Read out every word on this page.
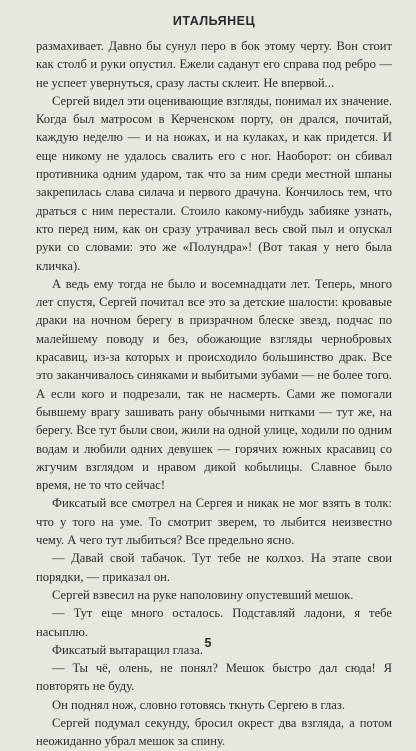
ИТАЛЬЯНЕЦ

размахивает. Давно бы сунул перо в бок этому черту. Вон стоит как столб и руки опустил. Ежели саданут его справа под ребро — не успеет увернуться, сразу ласты склеит. Не впервой...

Сергей видел эти оценивающие взгляды, понимал их значение. Когда был матросом в Керченском порту, он дрался, почитай, каждую неделю — и на ножах, и на кулаках, и как придется. И еще никому не удалось свалить его с ног. Наоборот: он сбивал противника одним ударом, так что за ним среди местной шпаны закрепилась слава силача и первого драчуна. Кончилось тем, что драться с ним перестали. Стоило какому-нибудь забияке узнать, кто перед ним, как он сразу утрачивал весь свой пыл и опускал руки со словами: это же «Полундра»! (Вот такая у него была кличка).

А ведь ему тогда не было и восемнадцати лет. Теперь, много лет спустя, Сергей почитал все это за детские шалости: кровавые драки на ночном берегу в призрачном блеске звезд, подчас по малейшему поводу и без, обожающие взгляды чернобровых красавиц, из-за которых и происходило большинство драк. Все это заканчивалось синяками и выбитыми зубами — не более того. А если кого и подрезали, так не насмерть. Сами же помогали бывшему врагу зашивать рану обычными нитками — тут же, на берегу. Все тут были свои, жили на одной улице, ходили по одним водам и любили одних девушек — горячих южных красавиц со жгучим взглядом и нравом дикой кобылицы. Славное было время, не то что сейчас!

Фиксатый все смотрел на Сергея и никак не мог взять в толк: что у того на уме. То смотрит зверем, то лыбится неизвестно чему. А чего тут лыбиться? Все предельно ясно.

— Давай свой табачок. Тут тебе не колхоз. На этапе свои порядки, — приказал он.

Сергей взвесил на руке наполовину опустевший мешок.

— Тут еще много осталось. Подставляй ладони, я тебе насыплю.

Фиксатый вытаращил глаза.

— Ты чё, олень, не понял? Мешок быстро дал сюда! Я повторять не буду.

Он поднял нож, словно готовясь ткнуть Сергею в глаз.

Сергей подумал секунду, бросил окрест два взгляда, а потом неожиданно убрал мешок за спину.

5
